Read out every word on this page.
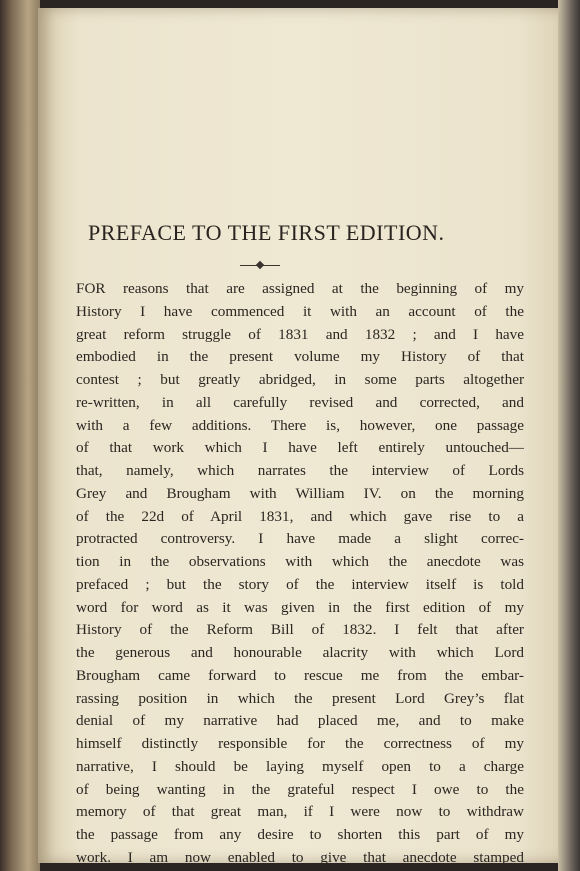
PREFACE TO THE FIRST EDITION.
FOR reasons that are assigned at the beginning of my
History I have commenced it with an account of the
great reform struggle of 1831 and 1832 ; and I have
embodied in the present volume my History of that
contest ; but greatly abridged, in some parts altogether
re-written, in all carefully revised and corrected, and
with a few additions. There is, however, one passage
of that work which I have left entirely untouched—
that, namely, which narrates the interview of Lords
Grey and Brougham with William IV. on the morning
of the 22d of April 1831, and which gave rise to a
protracted controversy. I have made a slight correc-
tion in the observations with which the anecdote was
prefaced ; but the story of the interview itself is told
word for word as it was given in the first edition of my
History of the Reform Bill of 1832. I felt that after
the generous and honourable alacrity with which Lord
Brougham came forward to rescue me from the embar-
rassing position in which the present Lord Grey’s flat
denial of my narrative had placed me, and to make
himself distinctly responsible for the correctness of my
narrative, I should be laying myself open to a charge
of being wanting in the grateful respect I owe to the
memory of that great man, if I were now to withdraw
the passage from any desire to shorten this part of my
work. I am now enabled to give that anecdote stamped
